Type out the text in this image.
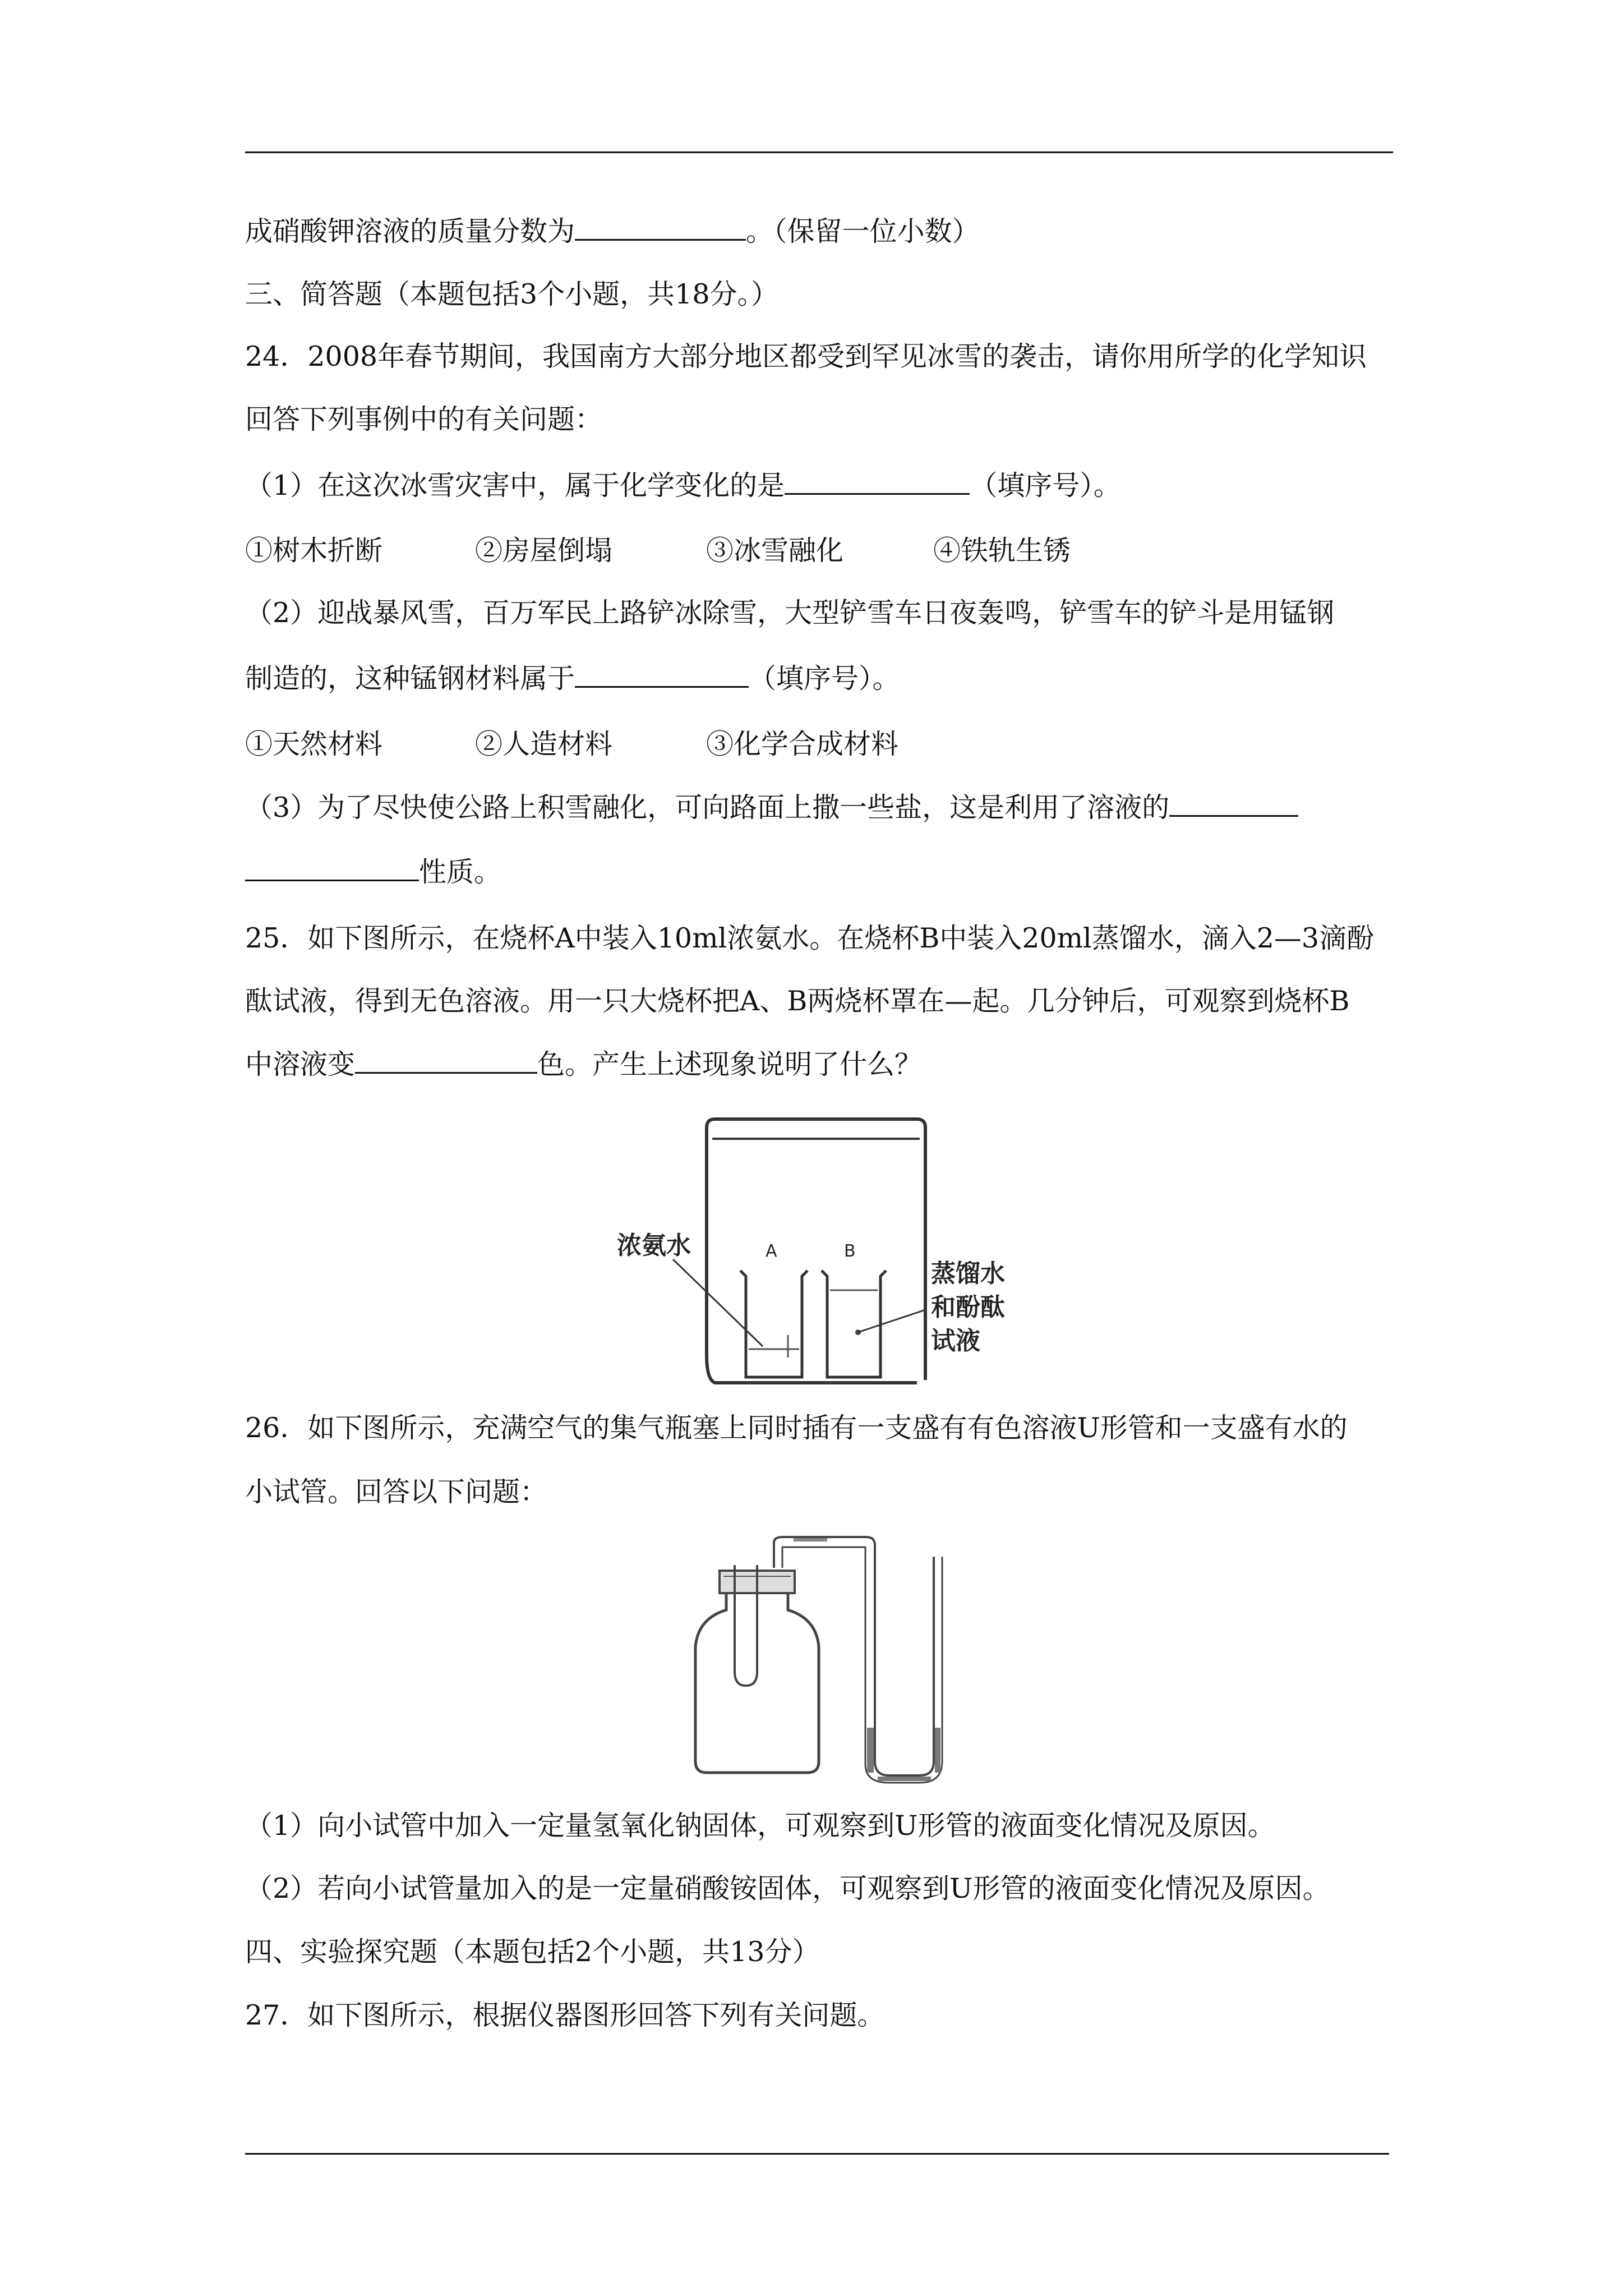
成硝酸钾溶液的质量分数为	。（保留一位小数）
三、简答题（本题包括3个小题，共18分。）
24．2008年春节期间，我国南方大部分地区都受到罕见冰雪的袭击，请你用所学的化学知识
回答下列事例中的有关问题：
（1）在这次冰雪灾害中，属于化学变化的是	（填序号）。
①树木折断	②房屋倒塌	③冰雪融化	④铁轨生锈
（2）迎战暴风雪，百万军民上路铲冰除雪，大型铲雪车日夜轰鸣，铲雪车的铲斗是用锰钢
制造的，这种锰钢材料属于	（填序号）。
①天然材料	②人造材料	③化学合成材料
（3）为了尽快使公路上积雪融化，可向路面上撒一些盐，这是利用了溶液的
性质。
25．如下图所示，在烧杯A中装入10ml浓氨水。在烧杯B中装入20ml蒸馏水，滴入2—3滴酚
酞试液，得到无色溶液。用一只大烧杯把A、B两烧杯罩在—起。几分钟后，可观察到烧杯B
中溶液变	色。产生上述现象说明了什么？
浓氨水	A	B
蒸馏水
和酚酞
试液
26．如下图所示，充满空气的集气瓶塞上同时插有一支盛有有色溶液U形管和一支盛有水的
小试管。回答以下问题：
（1）向小试管中加入一定量氢氧化钠固体，可观察到U形管的液面变化情况及原因。
（2）若向小试管量加入的是一定量硝酸铵固体，可观察到U形管的液面变化情况及原因。
四、实验探究题（本题包括2个小题，共13分）
27．如下图所示，根据仪器图形回答下列有关问题。
